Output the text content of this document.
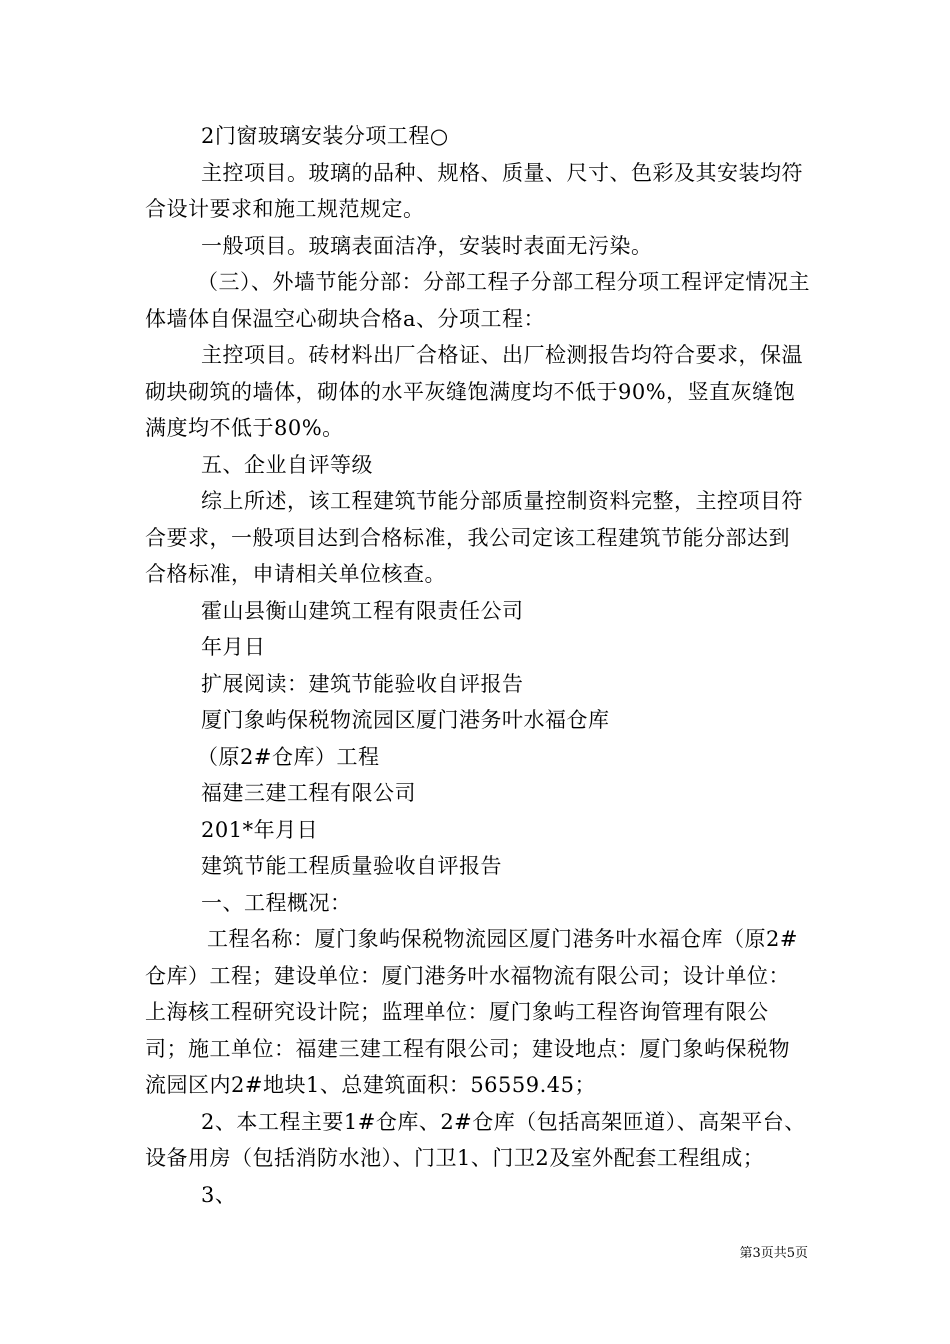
2门窗玻璃安装分项工程○

主控项目。玻璃的品种、规格、质量、尺寸、色彩及其安装均符合设计要求和施工规范规定。

一般项目。玻璃表面洁净，安装时表面无污染。

（三）、外墙节能分部：分部工程子分部工程分项工程评定情况主体墙体自保温空心砌块合格a、分项工程：

主控项目。砖材料出厂合格证、出厂检测报告均符合要求，保温砌块砌筑的墙体，砌体的水平灰缝饱满度均不低于90%，竖直灰缝饱满度均不低于80%。

五、企业自评等级

综上所述，该工程建筑节能分部质量控制资料完整，主控项目符合要求，一般项目达到合格标准，我公司定该工程建筑节能分部达到合格标准，申请相关单位核查。

霍山县衡山建筑工程有限责任公司

年月日

扩展阅读：建筑节能验收自评报告

厦门象屿保税物流园区厦门港务叶水福仓库

（原2#仓库）工程

福建三建工程有限公司

201*年月日

建筑节能工程质量验收自评报告

一、工程概况：

工程名称：厦门象屿保税物流园区厦门港务叶水福仓库（原2#仓库）工程；建设单位：厦门港务叶水福物流有限公司；设计单位：上海核工程研究设计院；监理单位：厦门象屿工程咨询管理有限公司；施工单位：福建三建工程有限公司；建设地点：厦门象屿保税物流园区内2#地块1、总建筑面积：56559.45；

2、本工程主要1#仓库、2#仓库（包括高架匝道）、高架平台、设备用房（包括消防水池）、门卫1、门卫2及室外配套工程组成；

3、

第3页共5页
